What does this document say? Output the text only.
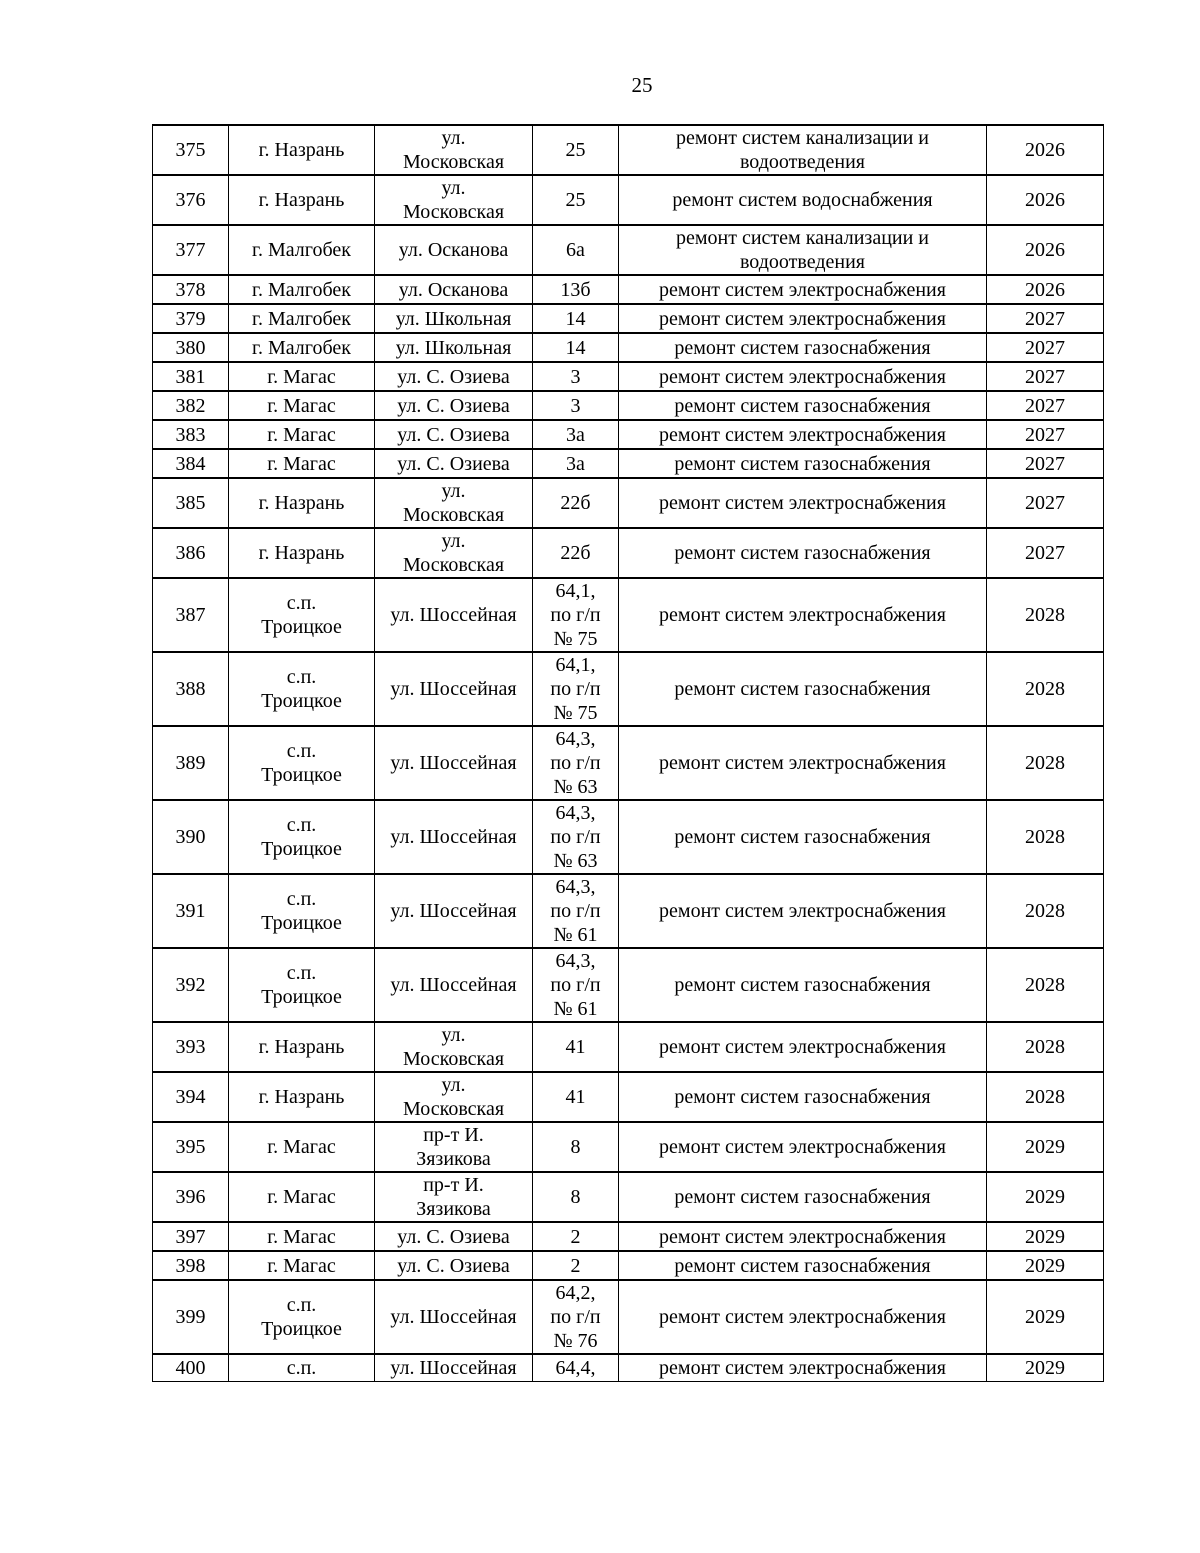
25
375	г. Назрань	ул.
Московская	25	ремонт систем канализации и
водоотведения	2026
376	г. Назрань	ул.
Московская	25	ремонт систем водоснабжения	2026
377	г. Малгобек	ул. Осканова	6а	ремонт систем канализации и
водоотведения	2026
378	г. Малгобек	ул. Осканова	13б	ремонт систем электроснабжения	2026
379	г. Малгобек	ул. Школьная	14	ремонт систем электроснабжения	2027
380	г. Малгобек	ул. Школьная	14	ремонт систем газоснабжения	2027
381	г. Магас	ул. С. Озиева	3	ремонт систем электроснабжения	2027
382	г. Магас	ул. С. Озиева	3	ремонт систем газоснабжения	2027
383	г. Магас	ул. С. Озиева	3а	ремонт систем электроснабжения	2027
384	г. Магас	ул. С. Озиева	3а	ремонт систем газоснабжения	2027
385	г. Назрань	ул.
Московская	22б	ремонт систем электроснабжения	2027
386	г. Назрань	ул.
Московская	22б	ремонт систем газоснабжения	2027
387	с.п.
Троицкое	ул. Шоссейная	64,1,
по г/п
№ 75	ремонт систем электроснабжения	2028
388	с.п.
Троицкое	ул. Шоссейная	64,1,
по г/п
№ 75	ремонт систем газоснабжения	2028
389	с.п.
Троицкое	ул. Шоссейная	64,3,
по г/п
№ 63	ремонт систем электроснабжения	2028
390	с.п.
Троицкое	ул. Шоссейная	64,3,
по г/п
№ 63	ремонт систем газоснабжения	2028
391	с.п.
Троицкое	ул. Шоссейная	64,3,
по г/п
№ 61	ремонт систем электроснабжения	2028
392	с.п.
Троицкое	ул. Шоссейная	64,3,
по г/п
№ 61	ремонт систем газоснабжения	2028
393	г. Назрань	ул.
Московская	41	ремонт систем электроснабжения	2028
394	г. Назрань	ул.
Московская	41	ремонт систем газоснабжения	2028
395	г. Магас	пр-т И.
Зязикова	8	ремонт систем электроснабжения	2029
396	г. Магас	пр-т И.
Зязикова	8	ремонт систем газоснабжения	2029
397	г. Магас	ул. С. Озиева	2	ремонт систем электроснабжения	2029
398	г. Магас	ул. С. Озиева	2	ремонт систем газоснабжения	2029
399	с.п.
Троицкое	ул. Шоссейная	64,2,
по г/п
№ 76	ремонт систем электроснабжения	2029
400	с.п.	ул. Шоссейная	64,4,	ремонт систем электроснабжения	2029
